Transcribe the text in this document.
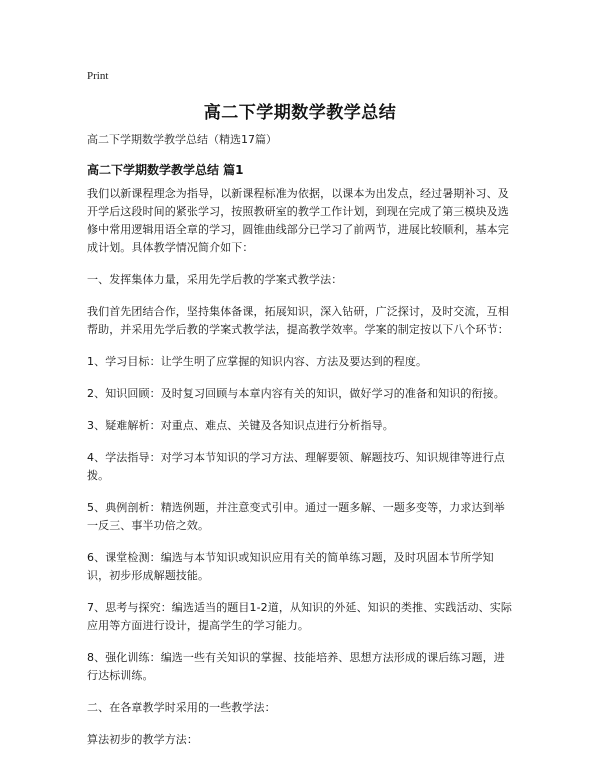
Print
高二下学期数学教学总结
高二下学期数学教学总结（精选17篇）
高二下学期数学教学总结 篇1

我们以新课程理念为指导，以新课程标准为依据，以课本为出发点，经过暑期补习、及开学后这段时间的紧张学习，按照教研室的教学工作计划，到现在完成了第三模块及选修中常用逻辑用语全章的学习，圆锥曲线部分已学习了前两节，进展比较顺利，基本完成计划。具体教学情况简介如下：

一、发挥集体力量，采用先学后教的学案式教学法：

我们首先团结合作，坚持集体备课，拓展知识，深入钻研，广泛探讨，及时交流，互相帮助，并采用先学后教的学案式教学法，提高教学效率。学案的制定按以下八个环节：

1、学习目标：让学生明了应掌握的知识内容、方法及要达到的程度。

2、知识回顾：及时复习回顾与本章内容有关的知识，做好学习的准备和知识的衔接。

3、疑难解析：对重点、难点、关键及各知识点进行分析指导。

4、学法指导：对学习本节知识的学习方法、理解要领、解题技巧、知识规律等进行点拨。

5、典例剖析：精选例题，并注意变式引申。通过一题多解、一题多变等，力求达到举一反三、事半功倍之效。

6、课堂检测：编选与本节知识或知识应用有关的简单练习题，及时巩固本节所学知识，初步形成解题技能。

7、思考与探究：编选适当的题目1-2道，从知识的外延、知识的类推、实践活动、实际应用等方面进行设计，提高学生的学习能力。

8、强化训练：编选一些有关知识的掌握、技能培养、思想方法形成的课后练习题，进行达标训练。

二、在各章教学时采用的一些教学法：

算法初步的教学方法：
